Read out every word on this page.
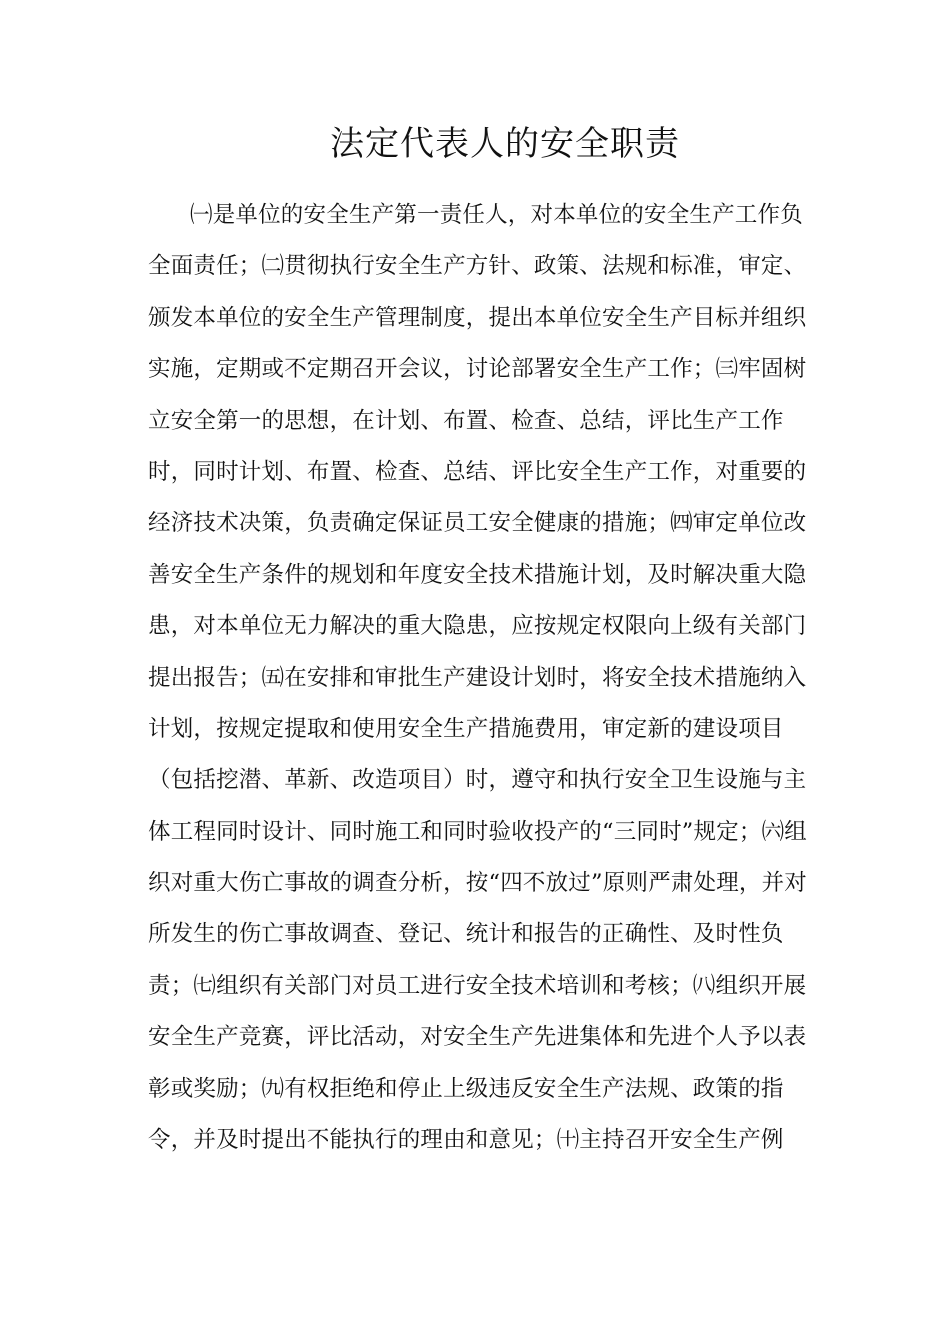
法定代表人的安全职责
㈠是单位的安全生产第一责任人，对本单位的安全生产工作负
全面责任；㈡贯彻执行安全生产方针、政策、法规和标准，审定、
颁发本单位的安全生产管理制度，提出本单位安全生产目标并组织
实施，定期或不定期召开会议，讨论部署安全生产工作；㈢牢固树
立安全第一的思想，在计划、布置、检查、总结，评比生产工作
时，同时计划、布置、检查、总结、评比安全生产工作，对重要的
经济技术决策，负责确定保证员工安全健康的措施；㈣审定单位改
善安全生产条件的规划和年度安全技术措施计划，及时解决重大隐
患，对本单位无力解决的重大隐患，应按规定权限向上级有关部门
提出报告；㈤在安排和审批生产建设计划时，将安全技术措施纳入
计划，按规定提取和使用安全生产措施费用，审定新的建设项目
（包括挖潜、革新、改造项目）时，遵守和执行安全卫生设施与主
体工程同时设计、同时施工和同时验收投产的“三同时”规定；㈥组
织对重大伤亡事故的调查分析，按“四不放过”原则严肃处理，并对
所发生的伤亡事故调查、登记、统计和报告的正确性、及时性负
责；㈦组织有关部门对员工进行安全技术培训和考核；㈧组织开展
安全生产竞赛，评比活动，对安全生产先进集体和先进个人予以表
彰或奖励；㈨有权拒绝和停止上级违反安全生产法规、政策的指
令，并及时提出不能执行的理由和意见；㈩主持召开安全生产例
